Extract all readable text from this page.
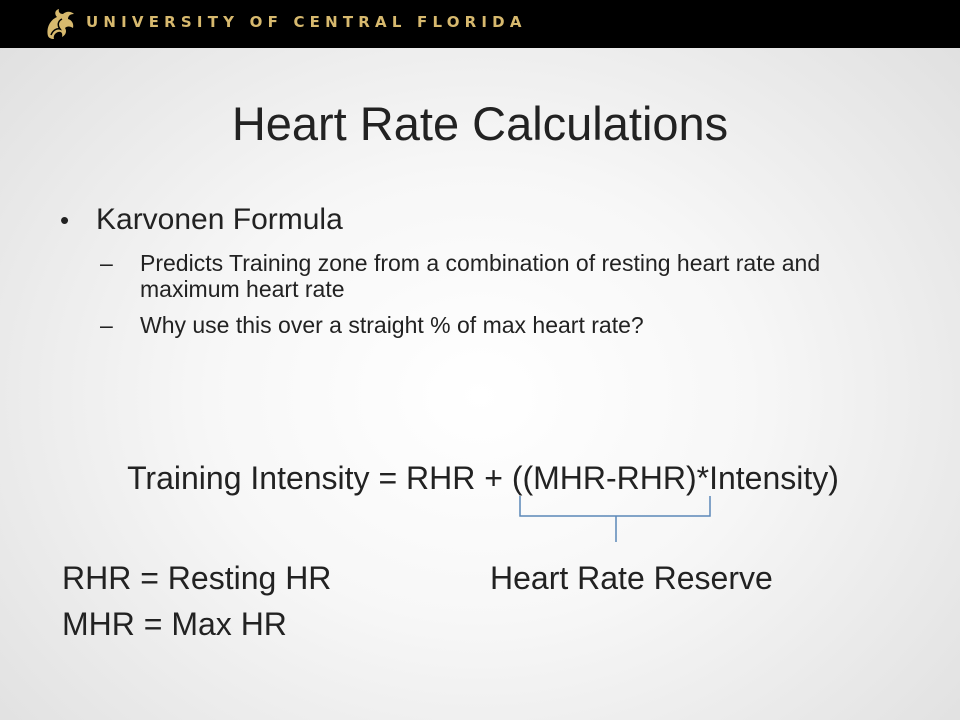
UNIVERSITY OF CENTRAL FLORIDA
Heart Rate Calculations
• Karvonen Formula
– Predicts Training zone from a combination of resting heart rate and maximum heart rate
– Why use this over a straight % of max heart rate?
Training Intensity = RHR + ((MHR-RHR)*Intensity)
Heart Rate Reserve
RHR = Resting HR
MHR = Max HR
